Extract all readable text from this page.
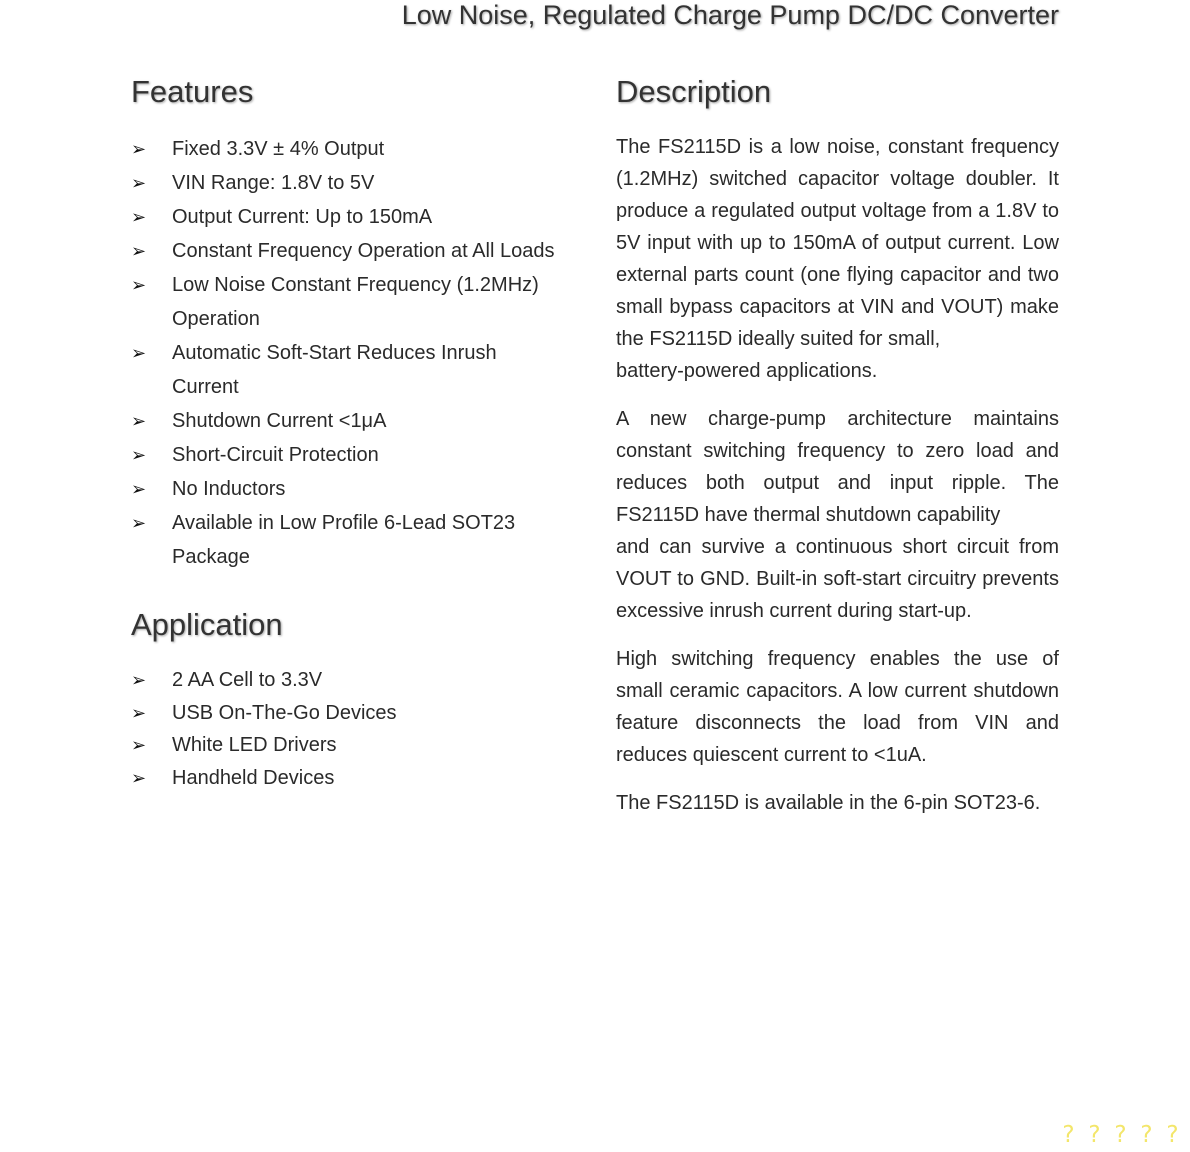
Low Noise, Regulated Charge Pump DC/DC Converter
Features
➢	Fixed 3.3V ± 4% Output
➢	VIN Range: 1.8V to 5V
➢	Output Current: Up to 150mA
➢	Constant Frequency Operation at All Loads
➢	Low Noise Constant Frequency (1.2MHz)
Operation
➢	Automatic Soft-Start Reduces Inrush
Current
➢	Shutdown Current <1μA
➢	Short-Circuit Protection
➢	No Inductors
➢	Available in Low Profile 6-Lead SOT23
Package
Application
➢	2 AA Cell to 3.3V
➢	USB On-The-Go Devices
➢	White LED Drivers
➢	Handheld Devices
Description

The FS2115D is a low noise, constant frequency (1.2MHz) switched capacitor voltage doubler. It produce a regulated output voltage from a 1.8V to 5V input with up to 150mA of output current. Low external parts count (one flying capacitor and two small bypass capacitors at VIN and VOUT) make the FS2115D ideally suited for small,
battery-powered applications.

A new charge-pump architecture maintains constant switching frequency to zero load and reduces both output and input ripple. The FS2115D have thermal shutdown capability
and can survive a continuous short circuit from VOUT to GND. Built-in soft-start circuitry prevents excessive inrush current during start-up.

High switching frequency enables the use of small ceramic capacitors. A low current shutdown feature disconnects the load from VIN and reduces quiescent current to <1uA.

The FS2115D is available in the 6-pin SOT23-6.

? ? ? ? ?
